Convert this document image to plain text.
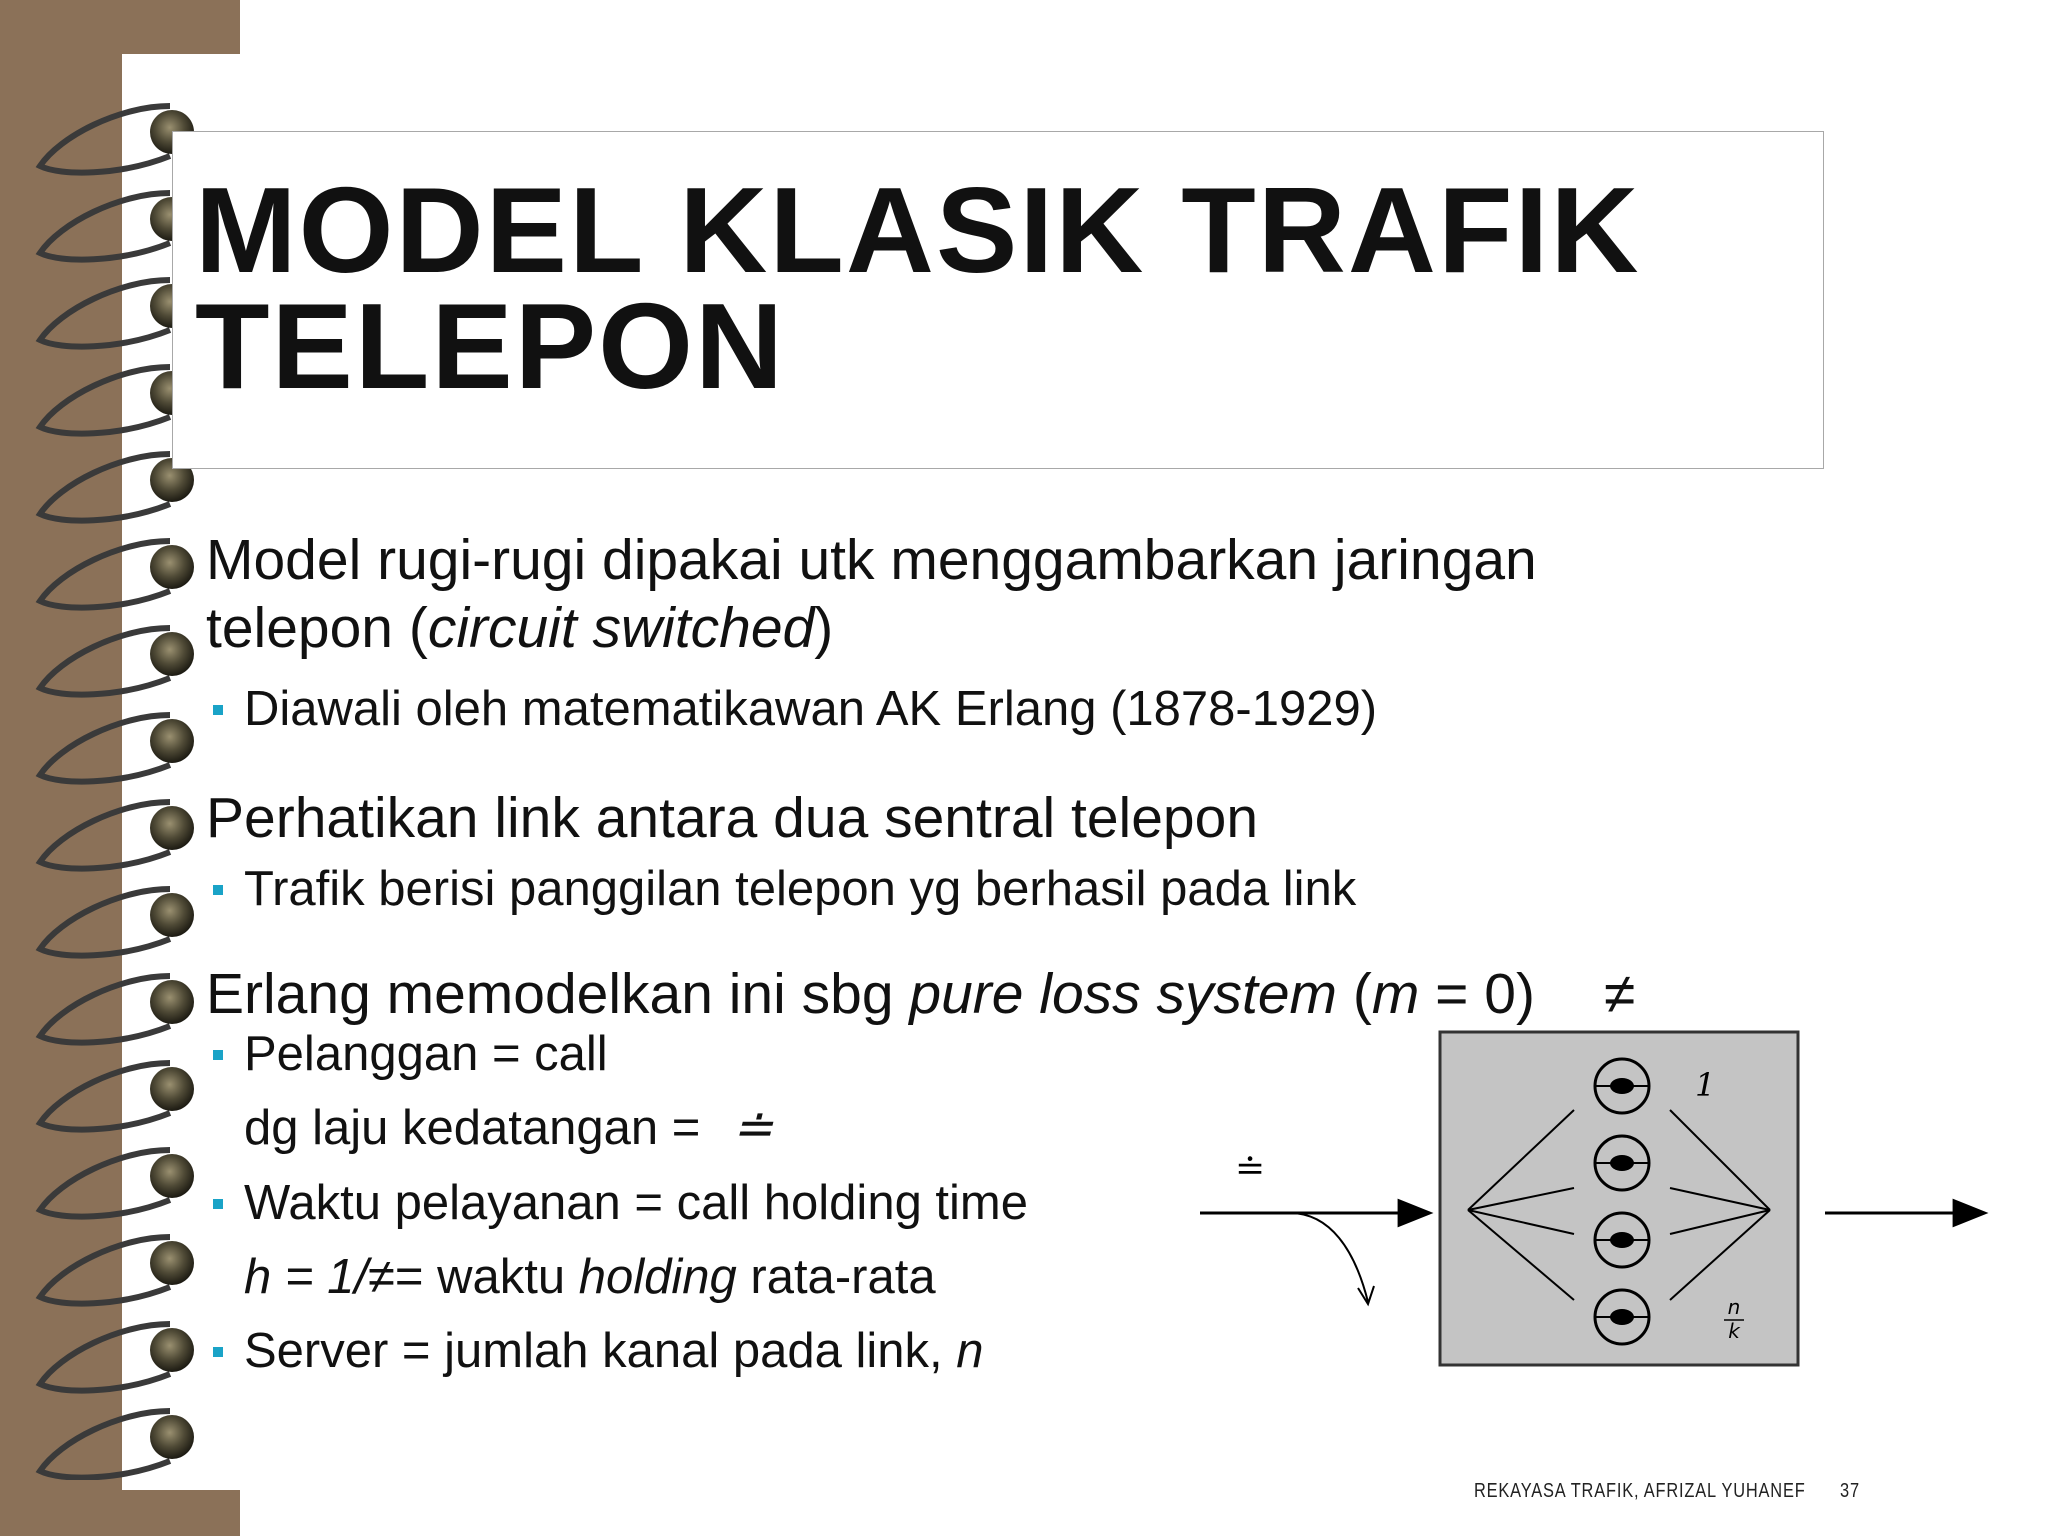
MODEL KLASIK TRAFIK
TELEPON
Model rugi-rugi dipakai utk menggambarkan jaringan
telepon (circuit switched)
Diawali oleh matematikawan AK Erlang (1878-1929)
Perhatikan link antara dua sentral telepon
Trafik berisi panggilan telepon yg berhasil pada link
Erlang memodelkan ini sbg pure loss system (m = 0) ≠
Pelanggan = call
dg laju kedatangan = ≐
Waktu pelayanan = call holding time
h = 1/≠= waktu holding rata-rata
Server = jumlah kanal pada link, n
≐
1
n
k
REKAYASA TRAFIK, AFRIZAL YUHANEF 37
